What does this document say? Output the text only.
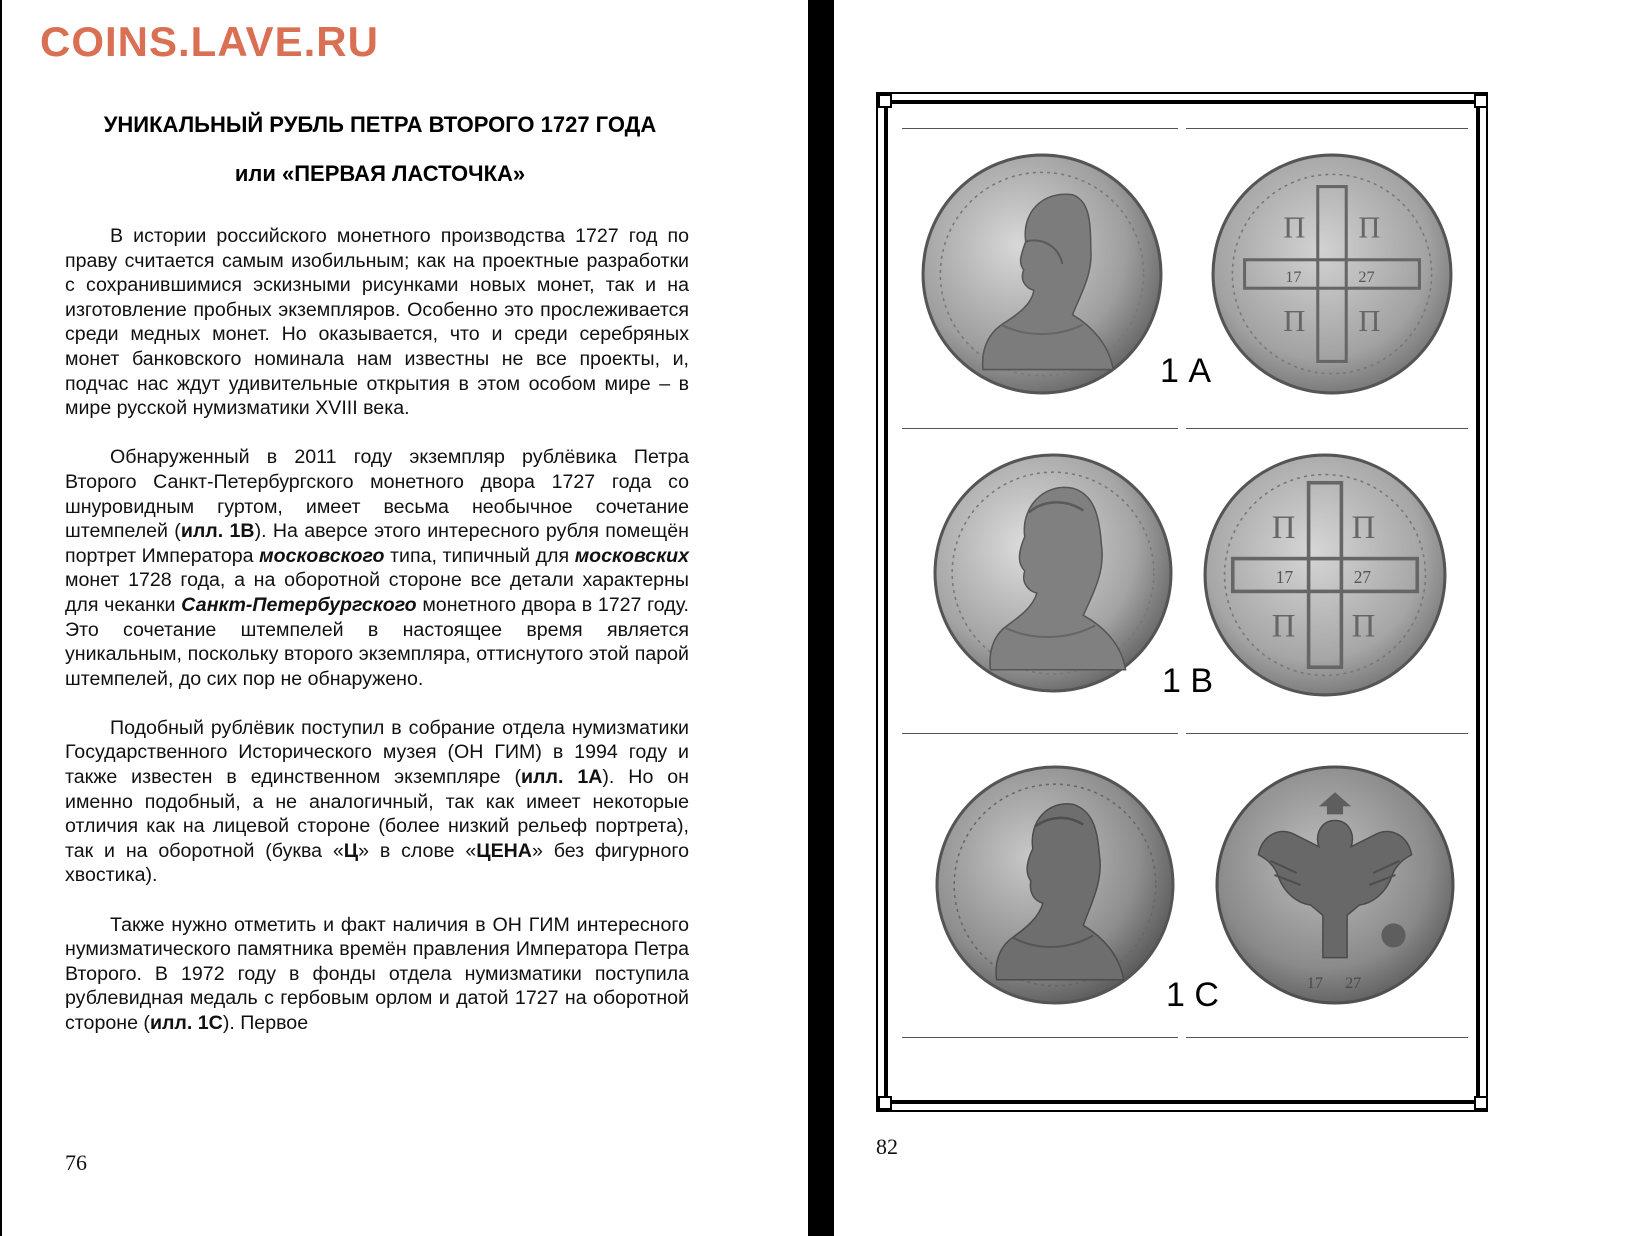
COINS.LAVE.RU

УНИКАЛЬНЫЙ РУБЛЬ ПЕТРА ВТОРОГО 1727 ГОДА
или «ПЕРВАЯ ЛАСТОЧКА»

В истории российского монетного производства 1727 год по праву считается самым изобильным; как на проектные разработки с сохранившимися эскизными рисунками новых монет, так и на изготовление пробных экземпляров. Особенно это прослеживается среди медных монет. Но оказывается, что и среди серебряных монет банковского номинала нам известны не все проекты, и, подчас нас ждут удивительные открытия в этом особом мире – в мире русской нумизматики XVIII века.

Обнаруженный в 2011 году экземпляр рублёвика Петра Второго Санкт-Петербургского монетного двора 1727 года со шнуровидным гуртом, имеет весьма необычное сочетание штемпелей (илл. 1В). На аверсе этого интересного рубля помещён портрет Императора московского типа, типичный для московских монет 1728 года, а на оборотной стороне все детали характерны для чеканки Санкт-Петербургского монетного двора в 1727 году. Это сочетание штемпелей в настоящее время является уникальным, поскольку второго экземпляра, оттиснутого этой парой штемпелей, до сих пор не обнаружено.

Подобный рублёвик поступил в собрание отдела нумизматики Государственного Исторического музея (ОН ГИМ) в 1994 году и также известен в единственном экземпляре (илл. 1А). Но он именно подобный, а не аналогичный, так как имеет некоторые отличия как на лицевой стороне (более низкий рельеф портрета), так и на оборотной (буква «Ц» в слове «ЦЕНА» без фигурного хвостика).

Также нужно отметить и факт наличия в ОН ГИМ интересного нумизматического памятника времён правления Императора Петра Второго. В 1972 году в фонды отдела нумизматики поступила рублевидная медаль с гербовым орлом и датой 1727 на оборотной стороне (илл. 1С). Первое

76
П П
П П
17	27

1 А

П П
П П
17	27

1 В

17 27

1 С

82
